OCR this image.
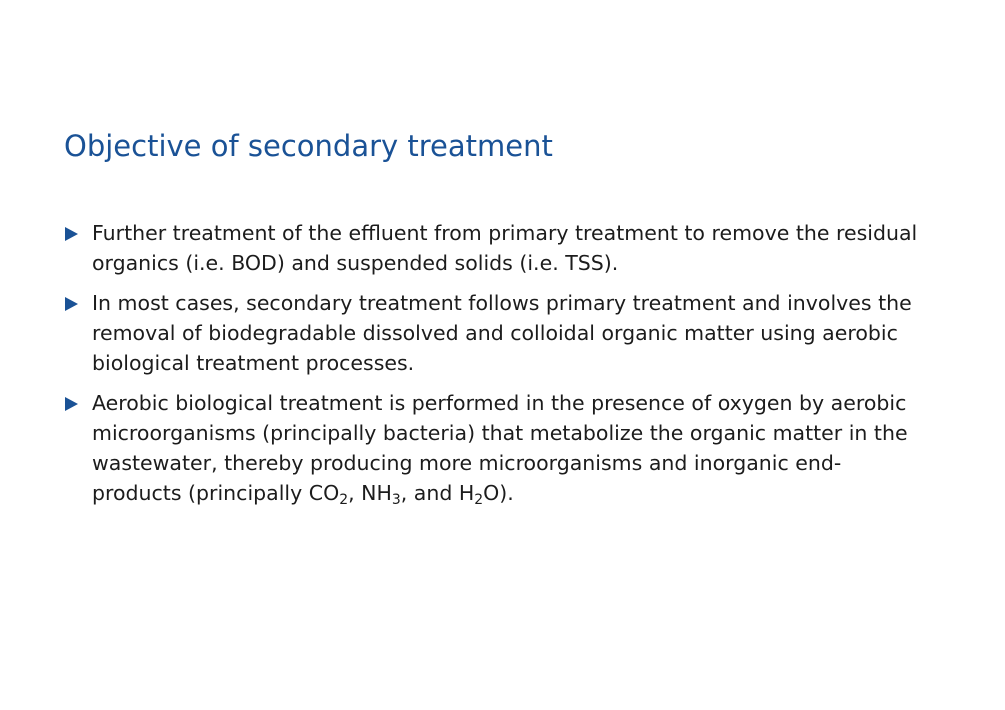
Objective of secondary treatment
Further treatment of the effluent from primary treatment to remove the residual organics (i.e. BOD) and suspended solids (i.e. TSS).
In most cases, secondary treatment follows primary treatment and involves the removal of biodegradable dissolved and colloidal organic matter using aerobic biological treatment processes.
Aerobic biological treatment is performed in the presence of oxygen by aerobic microorganisms (principally bacteria) that metabolize the organic matter in the wastewater, thereby producing more microorganisms and inorganic end-products (principally $CO_2$, $NH_3$, and $H_2O$).
